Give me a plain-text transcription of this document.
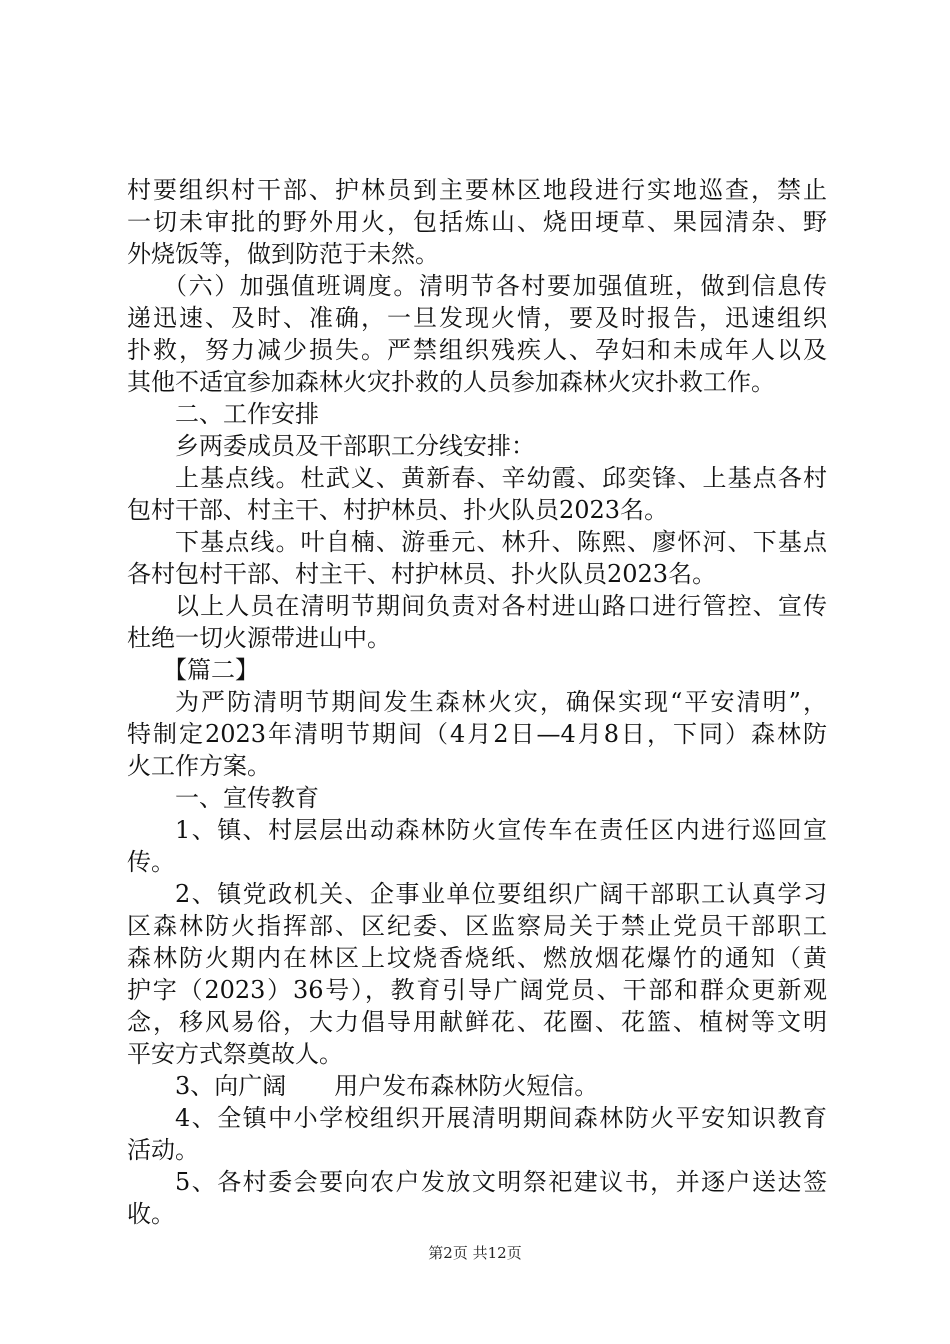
村要组织村干部、护林员到主要林区地段进行实地巡查，禁止
一切未审批的野外用火，包括炼山、烧田埂草、果园清杂、野
外烧饭等，做到防范于未然。
（六）加强值班调度。清明节各村要加强值班，做到信息传
递迅速、及时、准确，一旦发现火情，要及时报告，迅速组织
扑救，努力减少损失。严禁组织残疾人、孕妇和未成年人以及
其他不适宜参加森林火灾扑救的人员参加森林火灾扑救工作。
二、工作安排
乡两委成员及干部职工分线安排：
上基点线。杜武义、黄新春、辛幼霞、邱奕锋、上基点各村
包村干部、村主干、村护林员、扑火队员2023名。
下基点线。叶自楠、游垂元、林升、陈熙、廖怀河、下基点
各村包村干部、村主干、村护林员、扑火队员2023名。
以上人员在清明节期间负责对各村进山路口进行管控、宣传
杜绝一切火源带进山中。
【篇二】
为严防清明节期间发生森林火灾，确保实现“平安清明”，
特制定2023年清明节期间（4月2日—4月8日，下同）森林防
火工作方案。
一、宣传教育
1、镇、村层层出动森林防火宣传车在责任区内进行巡回宣
传。
2、镇党政机关、企事业单位要组织广阔干部职工认真学习
区森林防火指挥部、区纪委、区监察局关于禁止党员干部职工
森林防火期内在林区上坟烧香烧纸、燃放烟花爆竹的通知（黄
护字（2023）36号），教育引导广阔党员、干部和群众更新观
念，移风易俗，大力倡导用献鲜花、花圈、花篮、植树等文明
平安方式祭奠故人。
3、向广阔　　用户发布森林防火短信。
4、全镇中小学校组织开展清明期间森林防火平安知识教育
活动。
5、各村委会要向农户发放文明祭祀建议书，并逐户送达签
收。
第2页 共12页
